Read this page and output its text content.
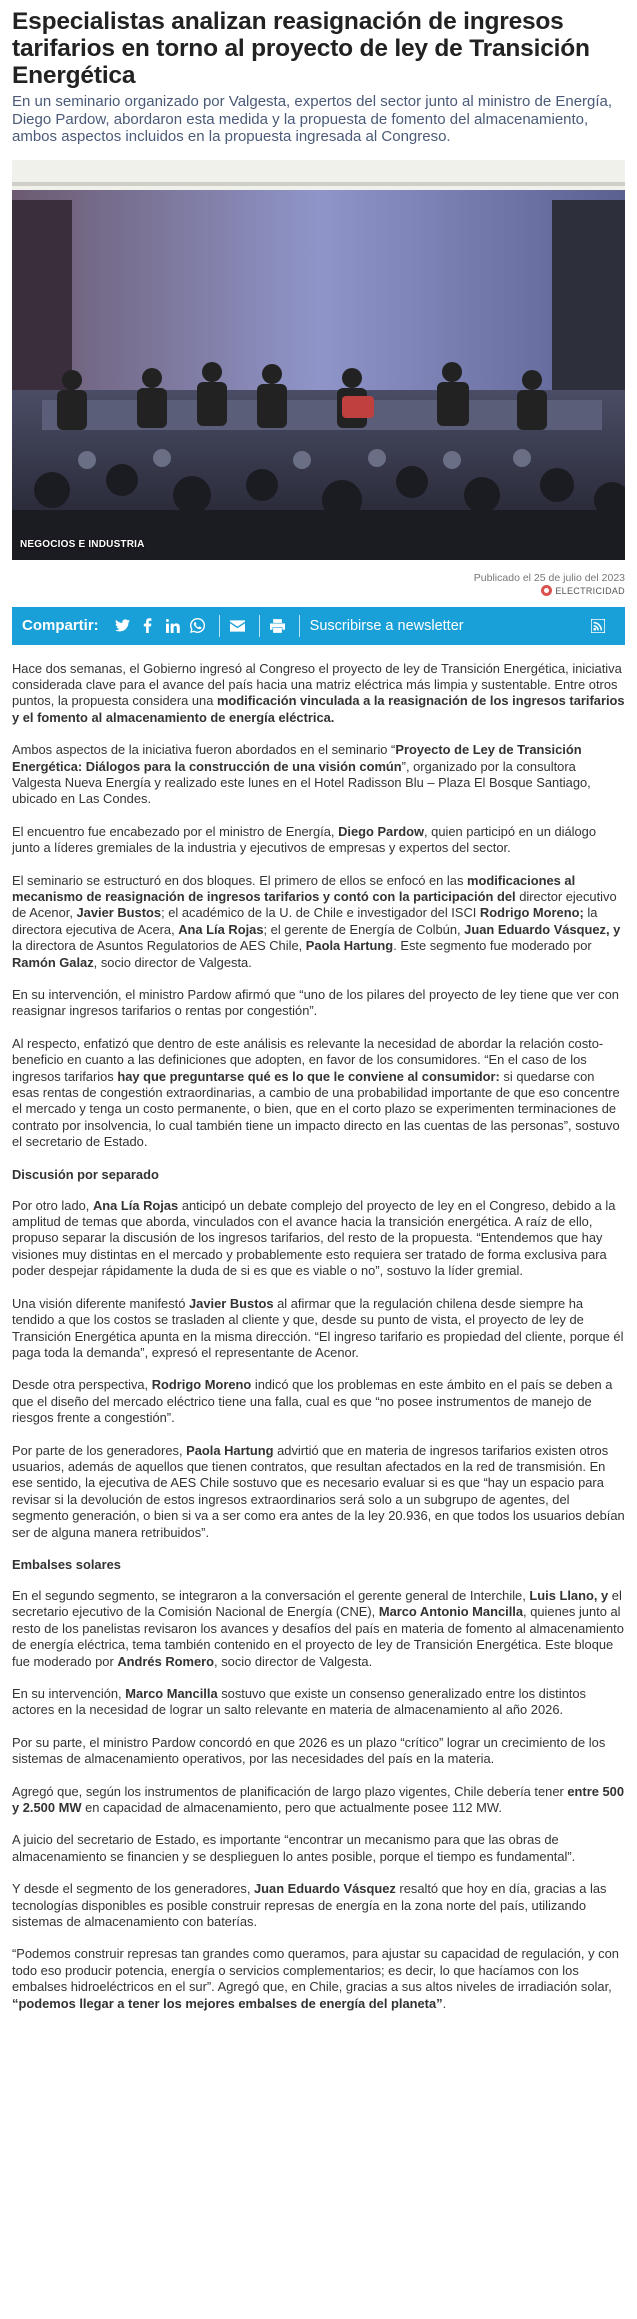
Especialistas analizan reasignación de ingresos tarifarios en torno al proyecto de ley de Transición Energética

En un seminario organizado por Valgesta, expertos del sector junto al ministro de Energía, Diego Pardow, abordaron esta medida y la propuesta de fomento del almacenamiento, ambos aspectos incluidos en la propuesta ingresada al Congreso.

NEGOCIOS E INDUSTRIA
Publicado el 25 de julio del 2023
ELECTRICIDAD
Compartir:	Suscribirse a newsletter

Hace dos semanas, el Gobierno ingresó al Congreso el proyecto de ley de Transición Energética, iniciativa considerada clave para el avance del país hacia una matriz eléctrica más limpia y sustentable. Entre otros puntos, la propuesta considera una modificación vinculada a la reasignación de los ingresos tarifarios y el fomento al almacenamiento de energía eléctrica.

Ambos aspectos de la iniciativa fueron abordados en el seminario “Proyecto de Ley de Transición Energética: Diálogos para la construcción de una visión común”, organizado por la consultora Valgesta Nueva Energía y realizado este lunes en el Hotel Radisson Blu – Plaza El Bosque Santiago, ubicado en Las Condes.

El encuentro fue encabezado por el ministro de Energía, Diego Pardow, quien participó en un diálogo junto a líderes gremiales de la industria y ejecutivos de empresas y expertos del sector.

El seminario se estructuró en dos bloques. El primero de ellos se enfocó en las modificaciones al mecanismo de reasignación de ingresos tarifarios y contó con la participación del director ejecutivo de Acenor, Javier Bustos; el académico de la U. de Chile e investigador del ISCI Rodrigo Moreno; la directora ejecutiva de Acera, Ana Lía Rojas; el gerente de Energía de Colbún, Juan Eduardo Vásquez, y la directora de Asuntos Regulatorios de AES Chile, Paola Hartung. Este segmento fue moderado por Ramón Galaz, socio director de Valgesta.

En su intervención, el ministro Pardow afirmó que “uno de los pilares del proyecto de ley tiene que ver con reasignar ingresos tarifarios o rentas por congestión”.

Al respecto, enfatizó que dentro de este análisis es relevante la necesidad de abordar la relación costo-beneficio en cuanto a las definiciones que adopten, en favor de los consumidores. “En el caso de los ingresos tarifarios hay que preguntarse qué es lo que le conviene al consumidor: si quedarse con esas rentas de congestión extraordinarias, a cambio de una probabilidad importante de que eso concentre el mercado y tenga un costo permanente, o bien, que en el corto plazo se experimenten terminaciones de contrato por insolvencia, lo cual también tiene un impacto directo en las cuentas de las personas”, sostuvo el secretario de Estado.

Discusión por separado

Por otro lado, Ana Lía Rojas anticipó un debate complejo del proyecto de ley en el Congreso, debido a la amplitud de temas que aborda, vinculados con el avance hacia la transición energética. A raíz de ello, propuso separar la discusión de los ingresos tarifarios, del resto de la propuesta. “Entendemos que hay visiones muy distintas en el mercado y probablemente esto requiera ser tratado de forma exclusiva para poder despejar rápidamente la duda de si es que es viable o no”, sostuvo la líder gremial.

Una visión diferente manifestó Javier Bustos al afirmar que la regulación chilena desde siempre ha tendido a que los costos se trasladen al cliente y que, desde su punto de vista, el proyecto de ley de Transición Energética apunta en la misma dirección. “El ingreso tarifario es propiedad del cliente, porque él paga toda la demanda”, expresó el representante de Acenor.

Desde otra perspectiva, Rodrigo Moreno indicó que los problemas en este ámbito en el país se deben a que el diseño del mercado eléctrico tiene una falla, cual es que “no posee instrumentos de manejo de riesgos frente a congestión”.

Por parte de los generadores, Paola Hartung advirtió que en materia de ingresos tarifarios existen otros usuarios, además de aquellos que tienen contratos, que resultan afectados en la red de transmisión. En ese sentido, la ejecutiva de AES Chile sostuvo que es necesario evaluar si es que “hay un espacio para revisar si la devolución de estos ingresos extraordinarios será solo a un subgrupo de agentes, del segmento generación, o bien si va a ser como era antes de la ley 20.936, en que todos los usuarios debían ser de alguna manera retribuidos”.

Embalses solares

En el segundo segmento, se integraron a la conversación el gerente general de Interchile, Luis Llano, y el secretario ejecutivo de la Comisión Nacional de Energía (CNE), Marco Antonio Mancilla, quienes junto al resto de los panelistas revisaron los avances y desafíos del país en materia de fomento al almacenamiento de energía eléctrica, tema también contenido en el proyecto de ley de Transición Energética. Este bloque fue moderado por Andrés Romero, socio director de Valgesta.

En su intervención, Marco Mancilla sostuvo que existe un consenso generalizado entre los distintos actores en la necesidad de lograr un salto relevante en materia de almacenamiento al año 2026.

Por su parte, el ministro Pardow concordó en que 2026 es un plazo “crítico” lograr un crecimiento de los sistemas de almacenamiento operativos, por las necesidades del país en la materia.

Agregó que, según los instrumentos de planificación de largo plazo vigentes, Chile debería tener entre 500 y 2.500 MW en capacidad de almacenamiento, pero que actualmente posee 112 MW.

A juicio del secretario de Estado, es importante “encontrar un mecanismo para que las obras de almacenamiento se financien y se desplieguen lo antes posible, porque el tiempo es fundamental”.

Y desde el segmento de los generadores, Juan Eduardo Vásquez resaltó que hoy en día, gracias a las tecnologías disponibles es posible construir represas de energía en la zona norte del país, utilizando sistemas de almacenamiento con baterías.

“Podemos construir represas tan grandes como queramos, para ajustar su capacidad de regulación, y con todo eso producir potencia, energía o servicios complementarios; es decir, lo que hacíamos con los embalses hidroeléctricos en el sur”. Agregó que, en Chile, gracias a sus altos niveles de irradiación solar, “podemos llegar a tener los mejores embalses de energía del planeta”.
